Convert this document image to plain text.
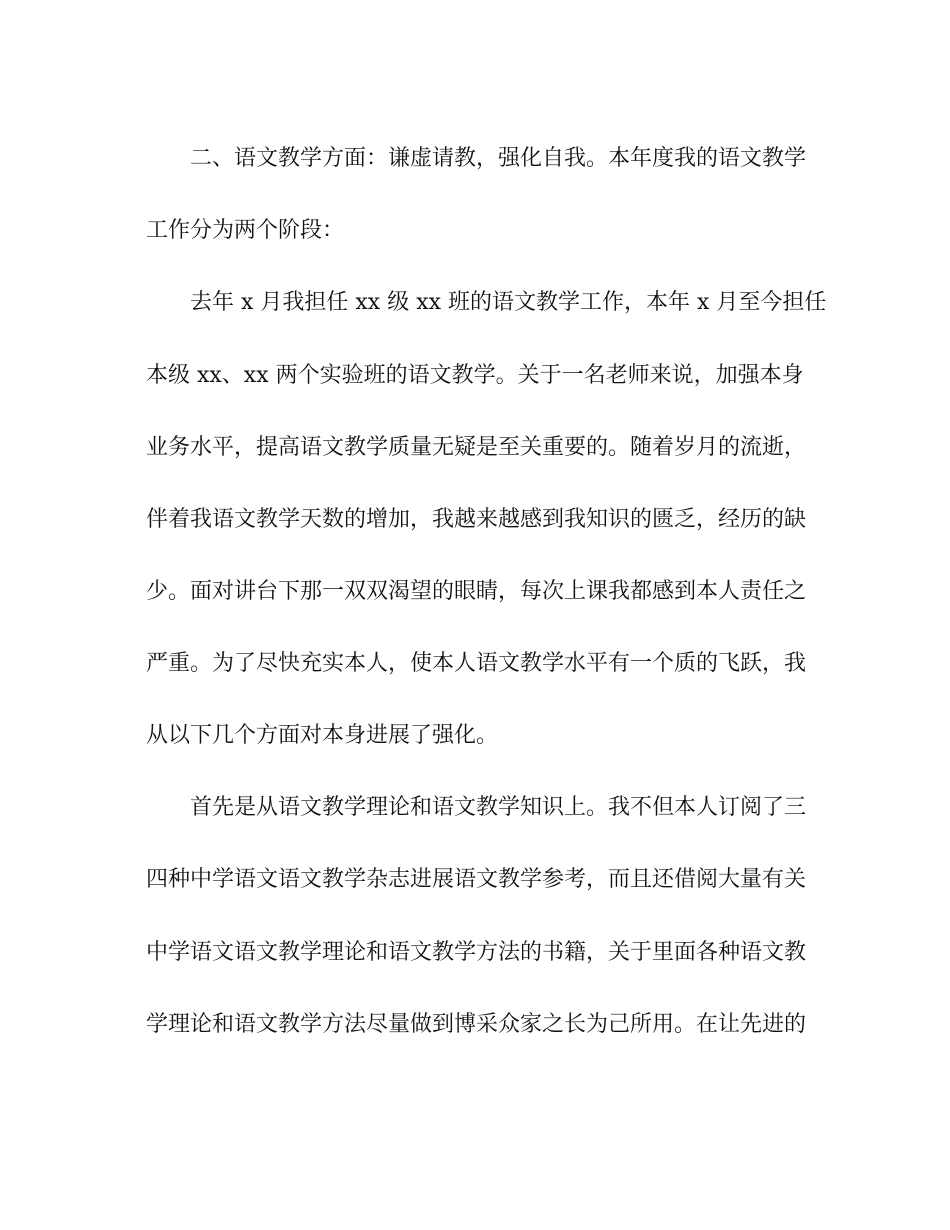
二、语文教学方面：谦虚请教，强化自我。本年度我的语文教学
工作分为两个阶段：
去年 x 月我担任 xx 级 xx 班的语文教学工作，本年 x 月至今担任
本级 xx、xx 两个实验班的语文教学。关于一名老师来说，加强本身
业务水平，提高语文教学质量无疑是至关重要的。随着岁月的流逝，
伴着我语文教学天数的增加，我越来越感到我知识的匮乏，经历的缺
少。面对讲台下那一双双渴望的眼睛，每次上课我都感到本人责任之
严重。为了尽快充实本人，使本人语文教学水平有一个质的飞跃，我
从以下几个方面对本身进展了强化。
首先是从语文教学理论和语文教学知识上。我不但本人订阅了三
四种中学语文语文教学杂志进展语文教学参考，而且还借阅大量有关
中学语文语文教学理论和语文教学方法的书籍，关于里面各种语文教
学理论和语文教学方法尽量做到博采众家之长为己所用。在让先进的
